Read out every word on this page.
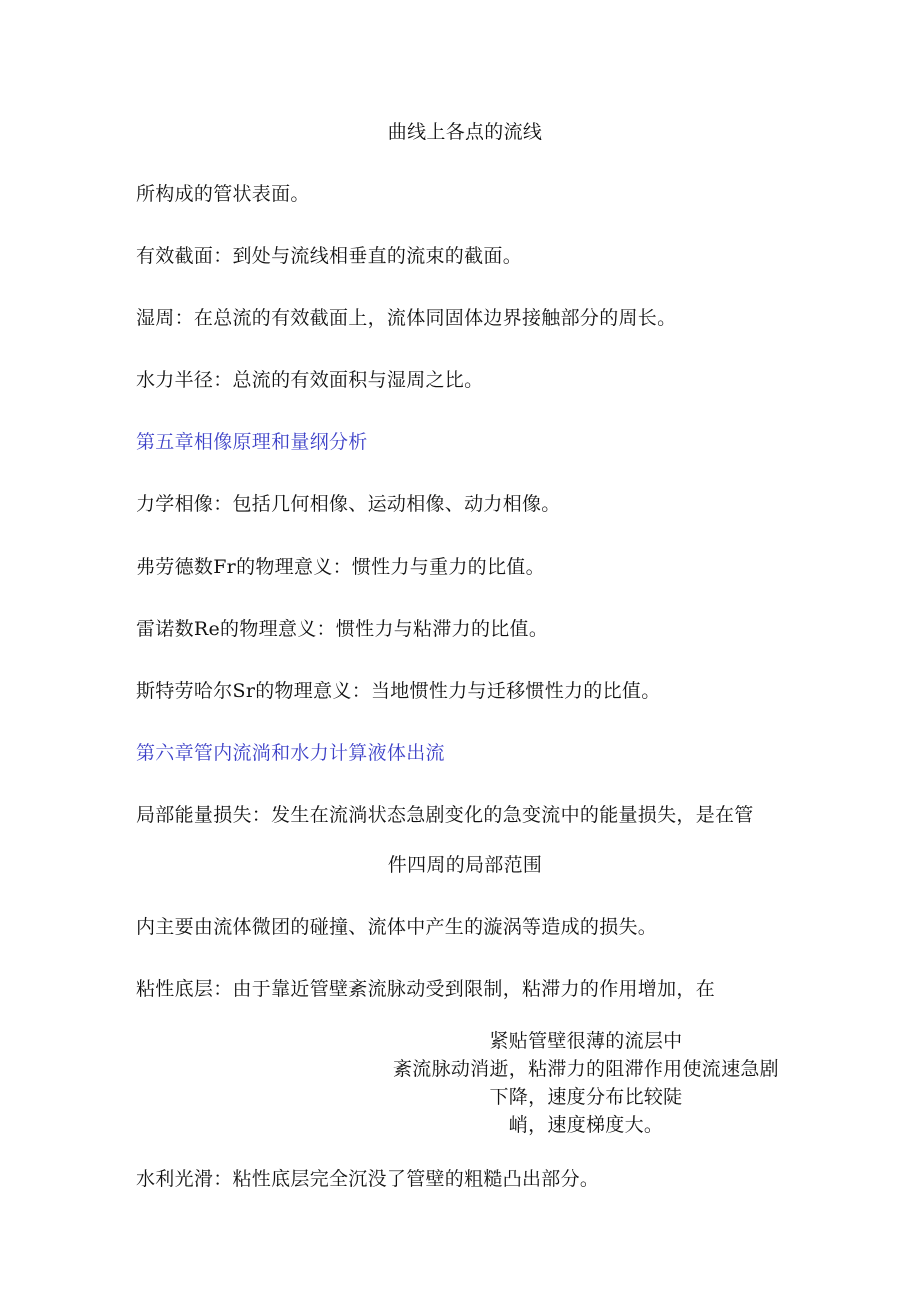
曲线上各点的流线
所构成的管状表面。
有效截面：到处与流线相垂直的流束的截面。
湿周：在总流的有效截面上，流体同固体边界接触部分的周长。
水力半径：总流的有效面积与湿周之比。
第五章相像原理和量纲分析
力学相像：包括几何相像、运动相像、动力相像。
弗劳德数Fr的物理意义：惯性力与重力的比值。
雷诺数Re的物理意义：惯性力与粘滞力的比值。
斯特劳哈尔Sr的物理意义：当地惯性力与迁移惯性力的比值。
第六章管内流淌和水力计算液体出流
局部能量损失：发生在流淌状态急剧变化的急变流中的能量损失，是在管
件四周的局部范围
内主要由流体微团的碰撞、流体中产生的漩涡等造成的损失。
粘性底层：由于靠近管壁紊流脉动受到限制，粘滞力的作用增加，在
紧贴管壁很薄的流层中
紊流脉动消逝，粘滞力的阻滞作用使流速急剧
下降，速度分布比较陡
峭，速度梯度大。
水利光滑：粘性底层完全沉没了管壁的粗糙凸出部分。
